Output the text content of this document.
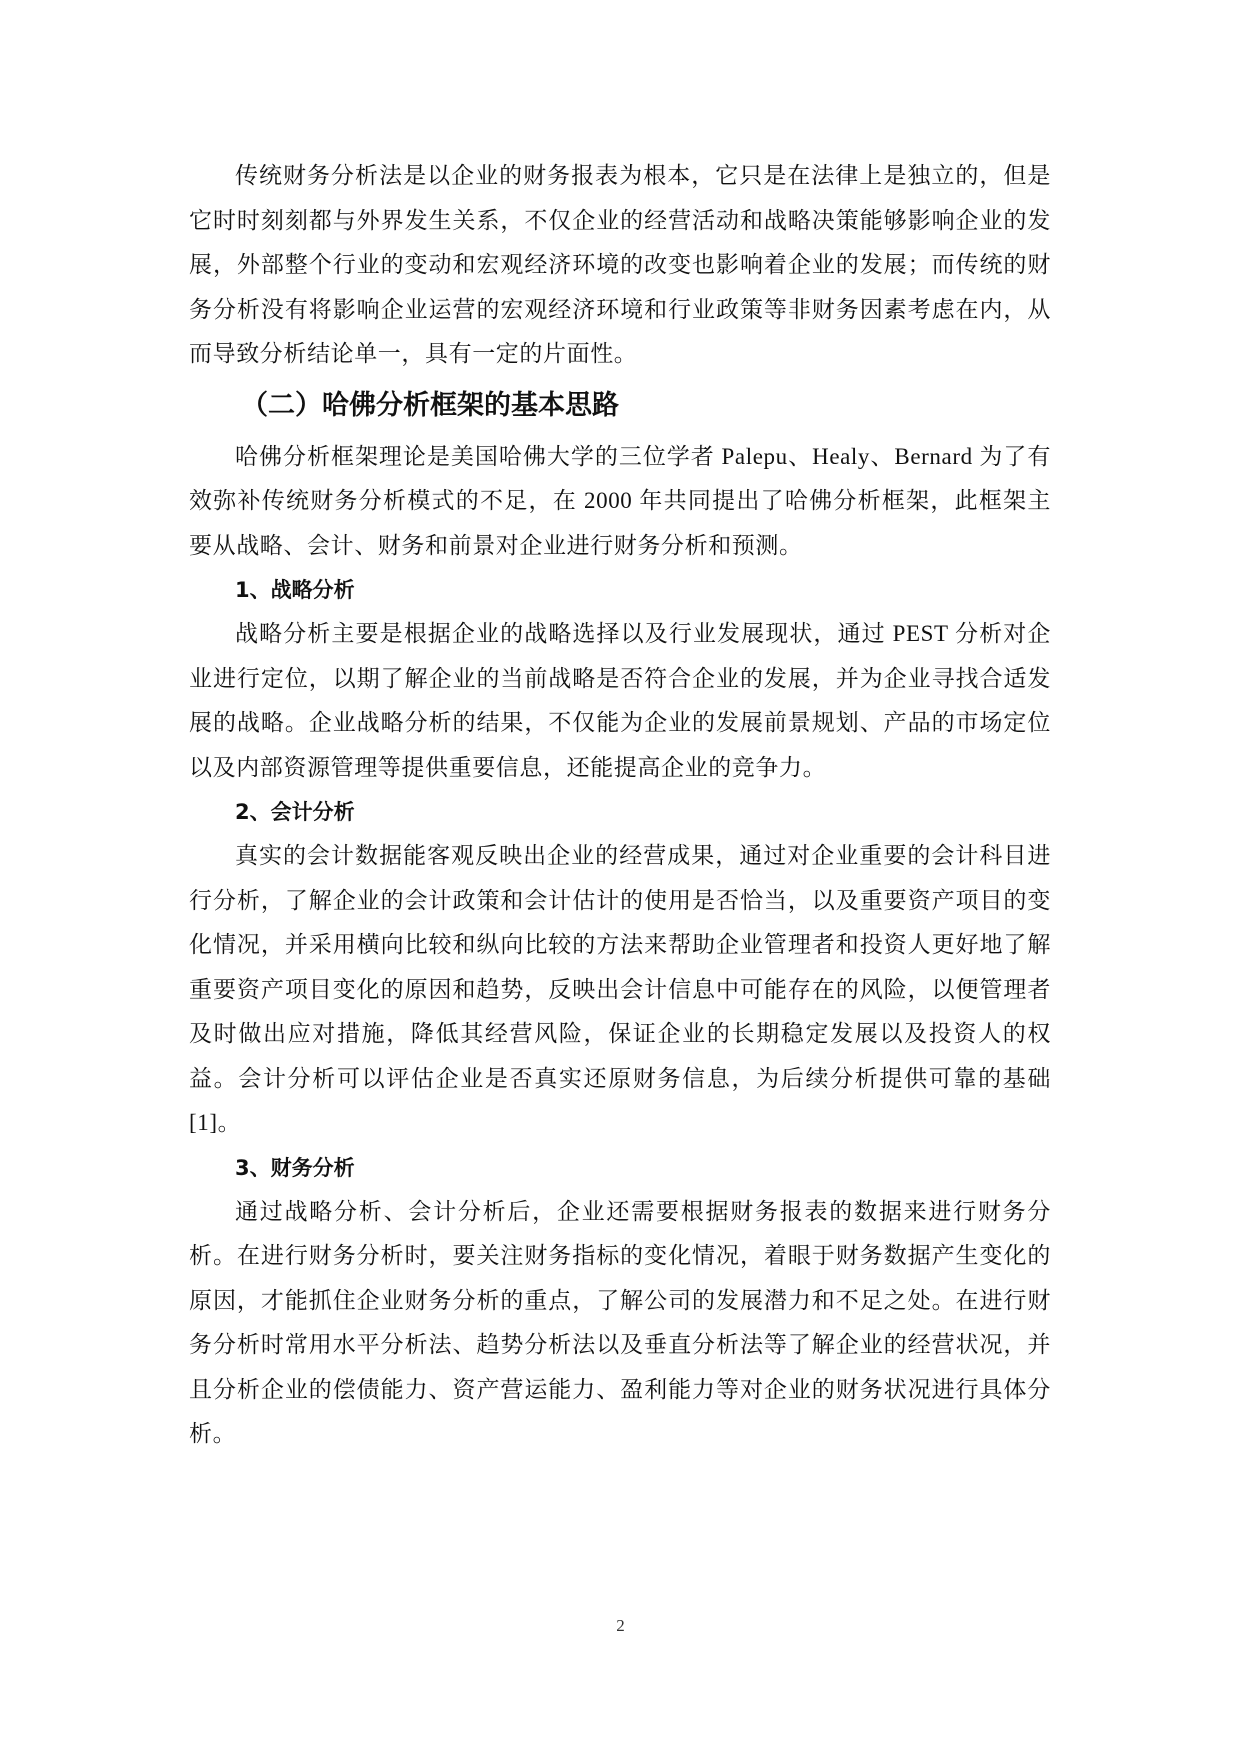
传统财务分析法是以企业的财务报表为根本，它只是在法律上是独立的，但是它时时刻刻都与外界发生关系，不仅企业的经营活动和战略决策能够影响企业的发展，外部整个行业的变动和宏观经济环境的改变也影响着企业的发展；而传统的财务分析没有将影响企业运营的宏观经济环境和行业政策等非财务因素考虑在内，从而导致分析结论单一，具有一定的片面性。

（二）哈佛分析框架的基本思路

哈佛分析框架理论是美国哈佛大学的三位学者 Palepu、Healy、Bernard 为了有效弥补传统财务分析模式的不足，在 2000 年共同提出了哈佛分析框架，此框架主要从战略、会计、财务和前景对企业进行财务分析和预测。

1、战略分析

战略分析主要是根据企业的战略选择以及行业发展现状，通过 PEST 分析对企业进行定位，以期了解企业的当前战略是否符合企业的发展，并为企业寻找合适发展的战略。企业战略分析的结果，不仅能为企业的发展前景规划、产品的市场定位以及内部资源管理等提供重要信息，还能提高企业的竞争力。

2、会计分析

真实的会计数据能客观反映出企业的经营成果，通过对企业重要的会计科目进行分析，了解企业的会计政策和会计估计的使用是否恰当，以及重要资产项目的变化情况，并采用横向比较和纵向比较的方法来帮助企业管理者和投资人更好地了解重要资产项目变化的原因和趋势，反映出会计信息中可能存在的风险，以便管理者及时做出应对措施，降低其经营风险，保证企业的长期稳定发展以及投资人的权益。会计分析可以评估企业是否真实还原财务信息，为后续分析提供可靠的基础[1]。

3、财务分析

通过战略分析、会计分析后，企业还需要根据财务报表的数据来进行财务分析。在进行财务分析时，要关注财务指标的变化情况，着眼于财务数据产生变化的原因，才能抓住企业财务分析的重点，了解公司的发展潜力和不足之处。在进行财务分析时常用水平分析法、趋势分析法以及垂直分析法等了解企业的经营状况，并且分析企业的偿债能力、资产营运能力、盈利能力等对企业的财务状况进行具体分析。

2
